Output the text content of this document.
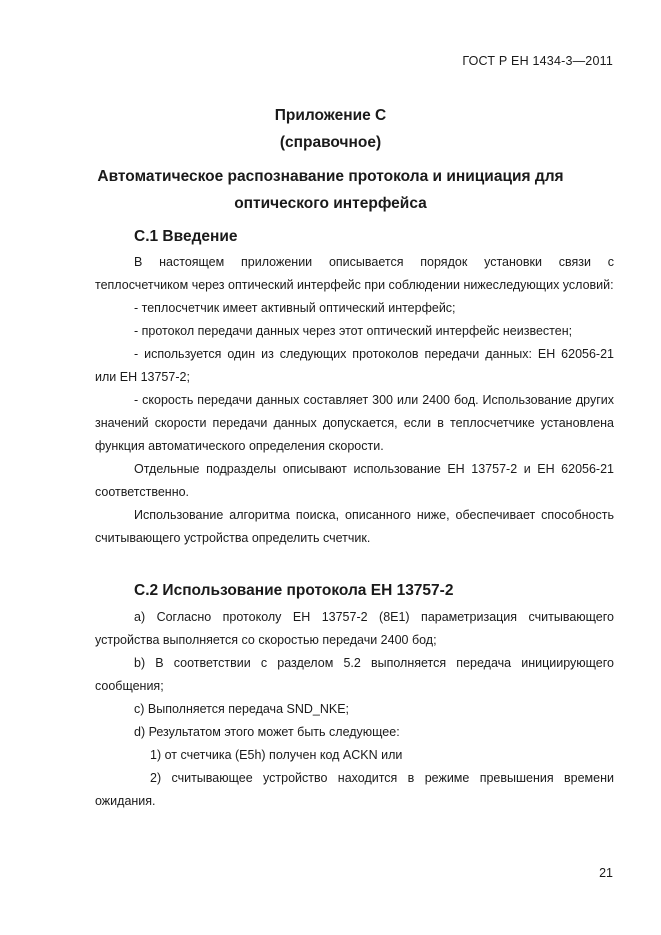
ГОСТ Р ЕН 1434-3—2011
Приложение С
(справочное)
Автоматическое распознавание протокола и инициация для
оптического интерфейса
С.1 Введение

В настоящем приложении описывается порядок установки связи с теплосчетчиком через оптический интерфейс при соблюдении нижеследующих условий:

- теплосчетчик имеет активный оптический интерфейс;

- протокол передачи данных через этот оптический интерфейс неизвестен;

- используется один из следующих протоколов передачи данных: ЕН 62056-21 или ЕН 13757-2;

- скорость передачи данных составляет 300 или 2400 бод. Использование других значений скорости передачи данных допускается, если в теплосчетчике установлена функция автоматического определения скорости.

Отдельные подразделы описывают использование ЕН 13757-2 и ЕН 62056-21 соответственно.

Использование алгоритма поиска, описанного ниже, обеспечивает способность считывающего устройства определить счетчик.

С.2 Использование протокола ЕН 13757-2

а) Согласно протоколу ЕН 13757-2 (8Е1) параметризация считывающего устройства выполняется со скоростью передачи 2400 бод;

b) В соответствии с разделом 5.2 выполняется передача инициирующего сообщения;

c) Выполняется передача SND_NKE;

d) Результатом этого может быть следующее:

1) от счетчика (E5h) получен код ACKN или

2) считывающее устройство находится в режиме превышения времени ожидания.

21
